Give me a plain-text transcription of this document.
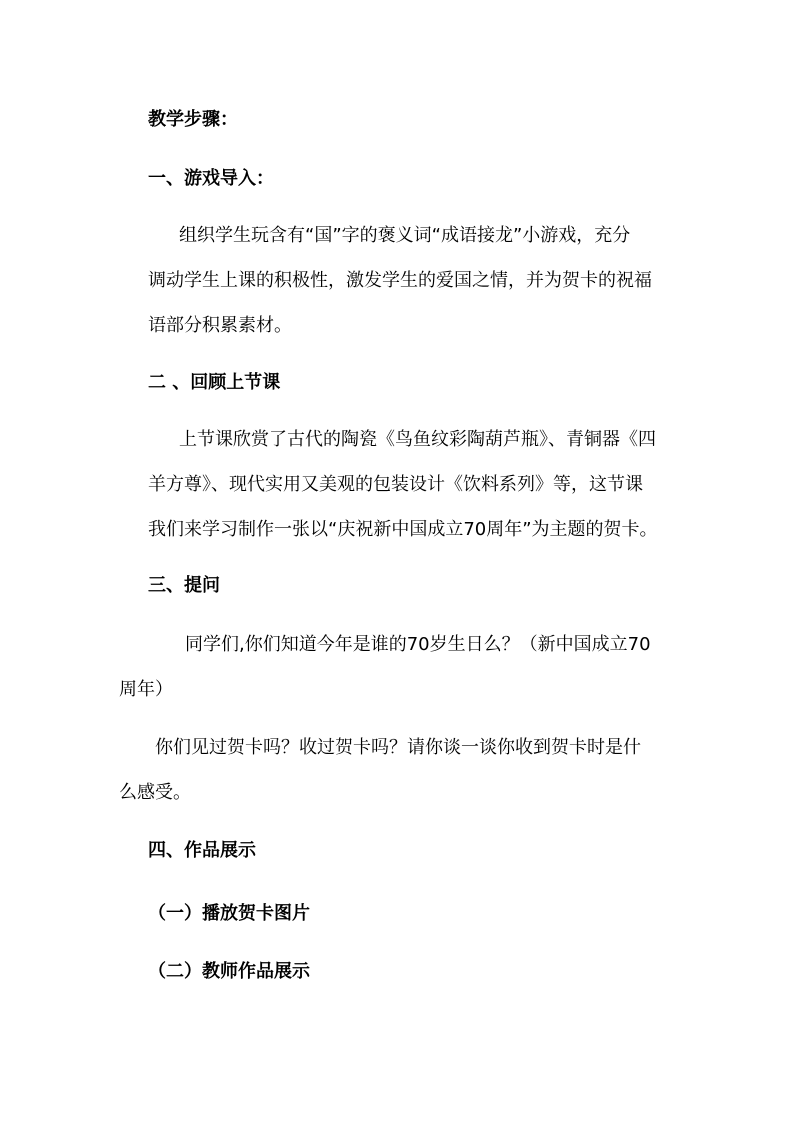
教学步骤：

一、游戏导入：

组织学生玩含有“国”字的褒义词“成语接龙”小游戏，充分

调动学生上课的积极性，激发学生的爱国之情，并为贺卡的祝福

语部分积累素材。

二 、回顾上节课

上节课欣赏了古代的陶瓷《鸟鱼纹彩陶葫芦瓶》、青铜器《四

羊方尊》、现代实用又美观的包装设计《饮料系列》等，这节课

我们来学习制作一张以“庆祝新中国成立70周年”为主题的贺卡。

三、提问

同学们,你们知道今年是谁的70岁生日么？（新中国成立70

周年）

你们见过贺卡吗？收过贺卡吗？请你谈一谈你收到贺卡时是什

么感受。

四、作品展示

（一）播放贺卡图片

（二）教师作品展示
